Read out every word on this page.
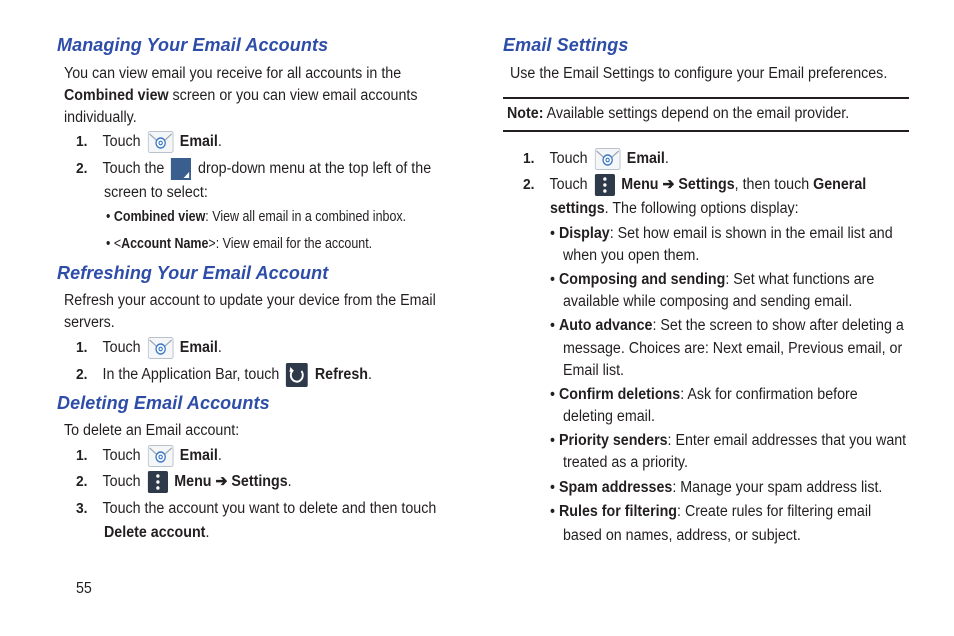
Managing Your Email Accounts
You can view email you receive for all accounts in the
Combined view screen or you can view email accounts
individually.
1. Touch	Email.
2. Touch the drop-down menu at the top left of the
screen to select:
• Combined view: View all email in a combined inbox.
• <Account Name>: View email for the account.
Refreshing Your Email Account
Refresh your account to update your device from the Email
servers.
1. Touch	Email.
2. In the Application Bar, touch Refresh.
Deleting Email Accounts
To delete an Email account:
1. Touch	Email.
2. Touch Menu ➔ Settings.
3. Touch the account you want to delete and then touch
Delete account.
55
Email Settings
Use the Email Settings to configure your Email preferences.
Note: Available settings depend on the email provider.
1. Touch	Email.
2. Touch Menu ➔ Settings, then touch General
settings. The following options display:
• Display: Set how email is shown in the email list and
when you open them.
• Composing and sending: Set what functions are
available while composing and sending email.
• Auto advance: Set the screen to show after deleting a
message. Choices are: Next email, Previous email, or
Email list.
• Confirm deletions: Ask for confirmation before
deleting email.
• Priority senders: Enter email addresses that you want
treated as a priority.
• Spam addresses: Manage your spam address list.
• Rules for filtering: Create rules for filtering email
based on names, address, or subject.
